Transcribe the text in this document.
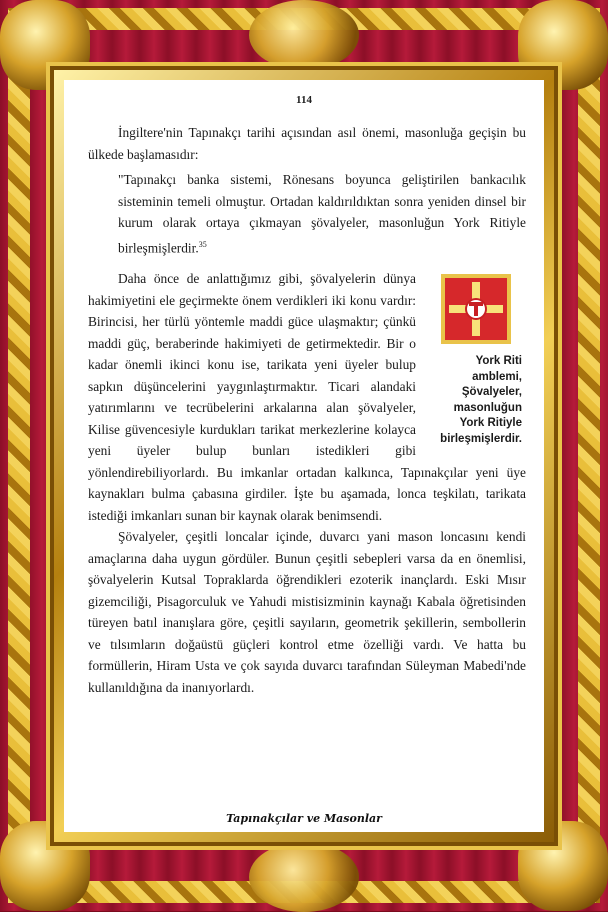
114

İngiltere'nin Tapınakçı tarihi açısından asıl önemi, masonluğa geçişin bu ülkede başlamasıdır:

"Tapınakçı banka sistemi, Rönesans boyunca geliştirilen bankacılık sisteminin temeli olmuştur. Ortadan kaldırıldıktan sonra yeniden dinsel bir kurum olarak ortaya çıkmayan şövalyeler, masonluğun York Ritiyle birleşmişlerdir.$^{35}$

York Riti amblemi, Şövalyeler, masonluğun York Ritiyle birleşmişlerdir.

Daha önce de anlattığımız gibi, şövalyelerin dünya hakimiyetini ele geçirmekte önem verdikleri iki konu vardır: Birincisi, her türlü yöntemle maddi güce ulaşmaktır; çünkü maddi güç, beraberinde hakimiyeti de getirmektedir. Bir o kadar önemli ikinci konu ise, tarikata yeni üyeler bulup sapkın düşüncelerini yaygınlaştırmaktır. Ticari alandaki yatırımlarını ve tecrübelerini arkalarına alan şövalyeler, Kilise güvencesiyle kurdukları tarikat merkezlerine kolayca yeni üyeler bulup bunları istedikleri gibi yönlendirebiliyorlardı. Bu imkanlar ortadan kalkınca, Tapınakçılar yeni üye kaynakları bulma çabasına girdiler. İşte bu aşamada, lonca teşkilatı, tarikata istediği imkanları sunan bir kaynak olarak benimsendi.

Şövalyeler, çeşitli loncalar içinde, duvarcı yani mason loncasını kendi amaçlarına daha uygun gördüler. Bunun çeşitli sebepleri varsa da en önemlisi, şövalyelerin Kutsal Topraklarda öğrendikleri ezoterik inançlardı. Eski Mısır gizemciliği, Pisagorculuk ve Yahudi mistisizminin kaynağı Kabala öğretisinden türeyen batıl inanışlara göre, çeşitli sayıların, geometrik şekillerin, sembollerin ve tılsımların doğaüstü güçleri kontrol etme özelliği vardı. Ve hatta bu formüllerin, Hiram Usta ve çok sayıda duvarcı tarafından Süleyman Mabedi'nde kullanıldığına da inanıyorlardı.

Tapınakçılar ve Masonlar
